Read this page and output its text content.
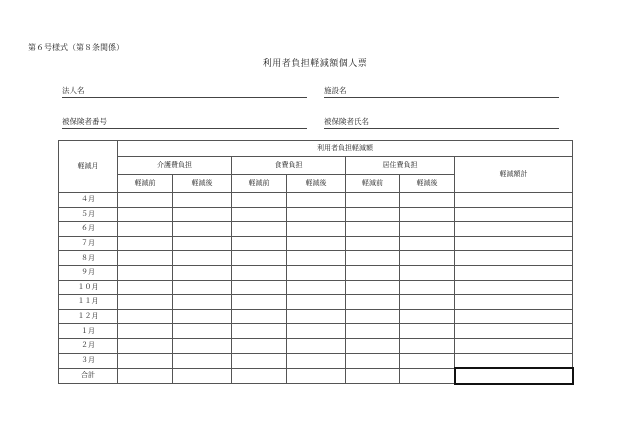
第６号様式（第８条関係）
利用者負担軽減額個人票
法人名	施設名
被保険者番号	被保険者氏名
軽減月	利用者負担軽減額						
	介護費負担		食費負担		居住費負担		軽減額計
	軽減前	軽減後	軽減前	軽減後	軽減前	軽減後	
４月							
５月							
６月							
７月							
８月							
９月							
１０月							
１１月							
１２月							
１月							
２月							
３月							
合計							
